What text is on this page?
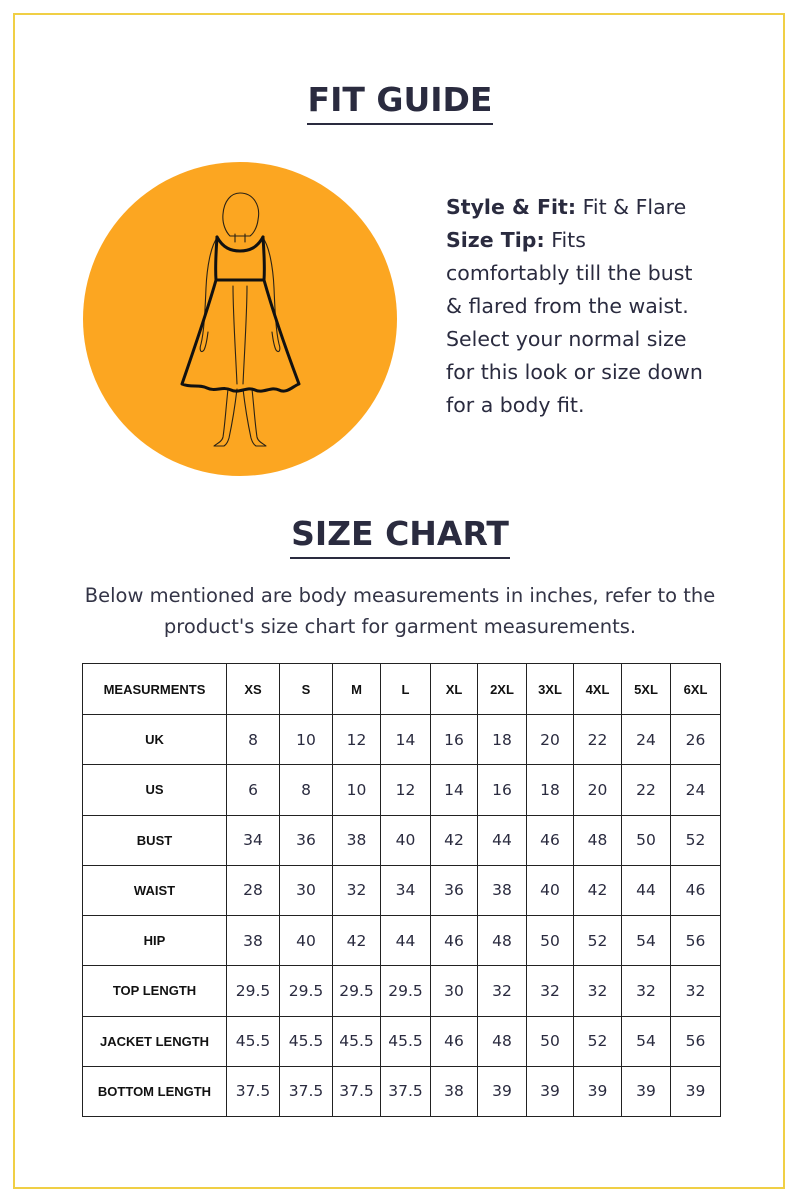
FIT GUIDE
Style & Fit: Fit & Flare
Size Tip: Fits comfortably till the bust & flared from the waist. Select your normal size for this look or size down for a body fit.
SIZE CHART
Below mentioned are body measurements in inches, refer to the product's size chart for garment measurements.
MEASURMENTS	XS	S	M	L	XL	2XL	3XL	4XL	5XL	6XL
UK	8	10	12	14	16	18	20	22	24	26
US	6	8	10	12	14	16	18	20	22	24
BUST	34	36	38	40	42	44	46	48	50	52
WAIST	28	30	32	34	36	38	40	42	44	46
HIP	38	40	42	44	46	48	50	52	54	56
TOP LENGTH	29.5	29.5	29.5	29.5	30	32	32	32	32	32
JACKET LENGTH	45.5	45.5	45.5	45.5	46	48	50	52	54	56
BOTTOM LENGTH	37.5	37.5	37.5	37.5	38	39	39	39	39	39
